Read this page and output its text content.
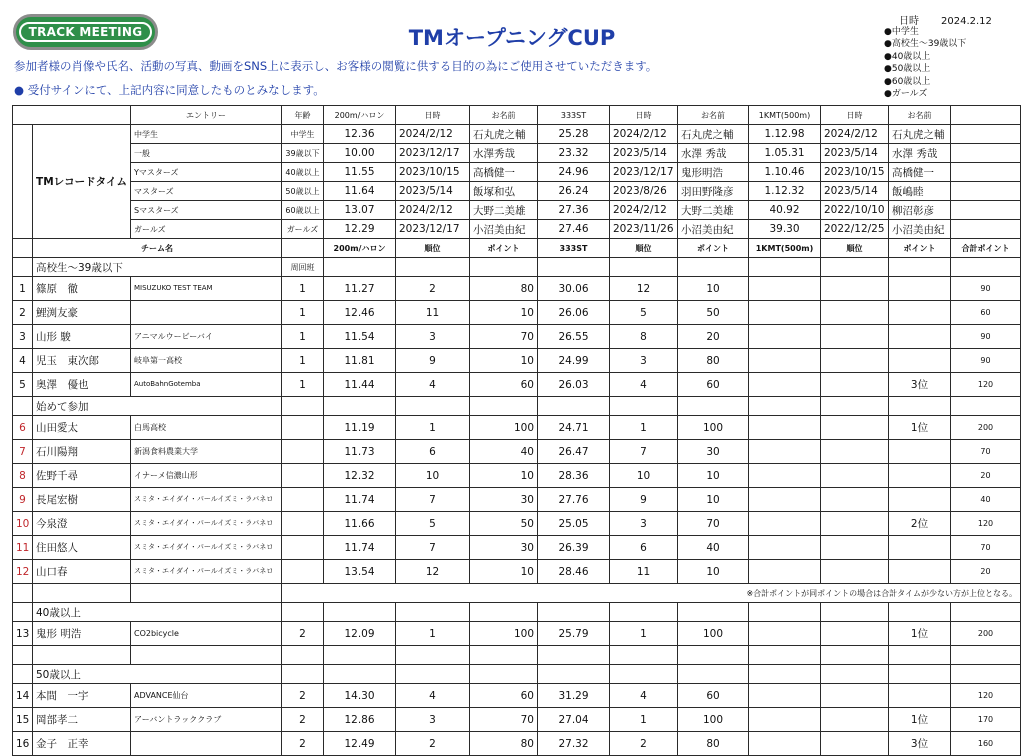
TRACK MEETING	TMオープニングCUP
参加者様の肖像や氏名、活動の写真、動画をSNS上に表示し、お客様の閲覧に供する目的の為にご使用させていただきます。
● 受付サインにて、上記内容に同意したものとみなします。
日時 2024.2.12
●中学生
●高校生～39歳以下
●40歳以上
●50歳以上
●60歳以上
●ガールズ
		エントリー	年齢	200m/ハロン	日時	お名前	333ST	日時	お名前	1KMT(500m)	日時	お名前	
	TMレコードタイム	中学生	中学生	12.36	2024/2/12	石丸虎之輔	25.28	2024/2/12	石丸虎之輔	1.12.98	2024/2/12	石丸虎之輔	
		一般	39歳以下	10.00	2023/12/17	水澤秀哉	23.32	2023/5/14	水澤 秀哉	1.05.31	2023/5/14	水澤 秀哉	
		Yマスターズ	40歳以上	11.55	2023/10/15	高橋健一	24.96	2023/12/17	鬼形明浩	1.10.46	2023/10/15	高橋健一	
		マスターズ	50歳以上	11.64	2023/5/14	飯塚和弘	26.24	2023/8/26	羽田野隆彦	1.12.32	2023/5/14	飯嶋睦	
		Sマスターズ	60歳以上	13.07	2024/2/12	大野二美雄	27.36	2024/2/12	大野二美雄	40.92	2022/10/10	柳沼彰彦	
		ガールズ	ガールズ	12.29	2023/12/17	小沼美由紀	27.46	2023/11/26	小沼美由紀	39.30	2022/12/25	小沼美由紀	
	チーム名			200m/ハロン	順位	ポイント	333ST	順位	ポイント	1KMT(500m)	順位	ポイント	合計ポイント
	高校生～39歳以下		周回班										
1	篠原　徹	MISUZUKO TEST TEAM	1	11.27	2	80	30.06	12	10				90
2	鯉渕友豪		1	12.46	11	10	26.06	5	50				60
3	山形 駿	アニマルウービーバイ	1	11.54	3	70	26.55	8	20				90
4	児玉　東次郎	岐阜第一高校	1	11.81	9	10	24.99	3	80				90
5	奥澤　優也	AutoBahnGotemba	1	11.44	4	60	26.03	4	60			3位	120
	始めて参加												
6	山田愛太	白馬高校		11.19	1	100	24.71	1	100			1位	200
7	石川陽翔	新潟食料農業大学		11.73	6	40	26.47	7	30				70
8	佐野千尋	イナーメ信濃山形		12.32	10	10	28.36	10	10				20
9	長尾宏樹	スミタ・エイダイ・パールイズミ・ラバネロ		11.74	7	30	27.76	9	10				40
10	今泉澄	スミタ・エイダイ・パールイズミ・ラバネロ		11.66	5	50	25.05	3	70			2位	120
11	住田悠人	スミタ・エイダイ・パールイズミ・ラバネロ		11.74	7	30	26.39	6	40				70
12	山口春	スミタ・エイダイ・パールイズミ・ラバネロ		13.54	12	10	28.46	11	10				20
			※合計ポイントが同ポイントの場合は合計タイムが少ない方が上位となる。										
	40歳以上												
13	鬼形 明浩	CO2bicycle	2	12.09	1	100	25.79	1	100			1位	200

	50歳以上												
14	本間　一宇	ADVANCE仙台	2	14.30	4	60	31.29	4	60				120
15	岡部孝二	アーバントラッククラブ	2	12.86	3	70	27.04	1	100			1位	170
16	金子　正幸		2	12.49	2	80	27.32	2	80			3位	160
